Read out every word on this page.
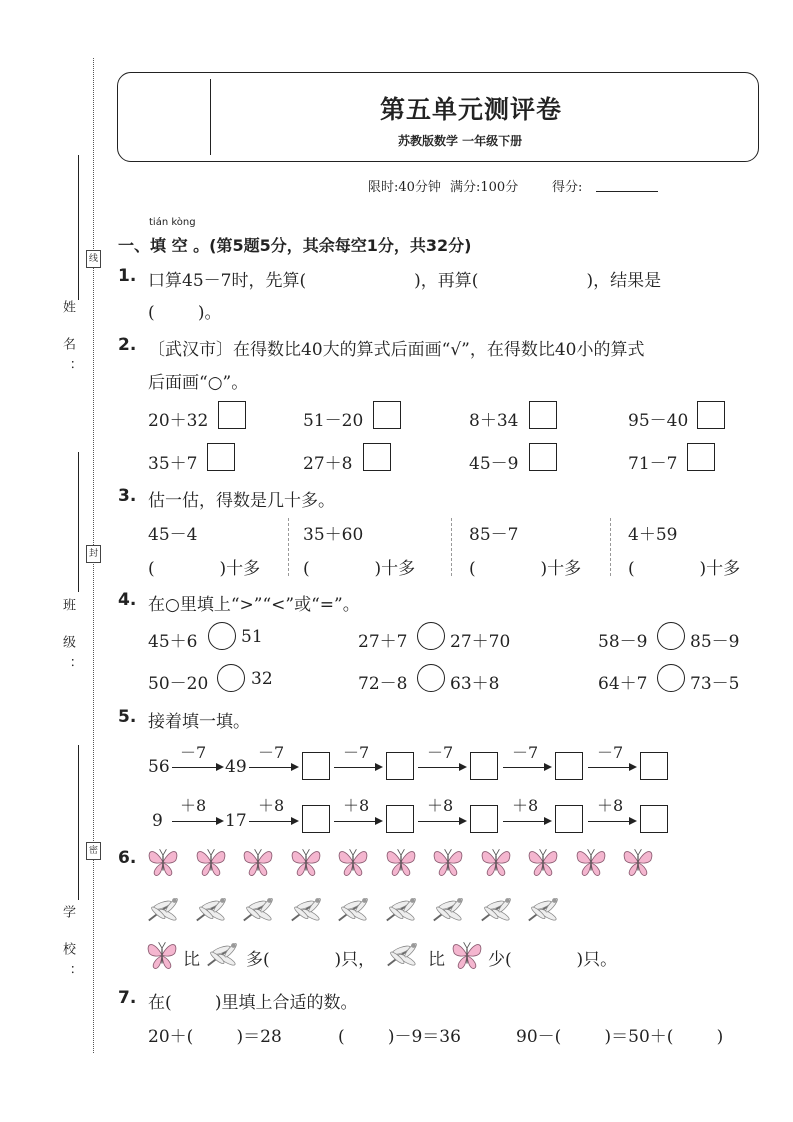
姓 名：
班 级：
学 校：
线
封
密
第五单元测评卷
苏教版数学 一年级下册
限时:40分钟 满分:100分	得分:
tián kòng
一、填 空 。(第5题5分，其余每空1分，共32分)
1. 口算45－7时，先算(                    )，再算(                    )，结果是
(        )。
2. 〔武汉市〕在得数比40大的算式后面画“√”，在得数比40小的算式
后面画“○”。
20＋32	51－20	8＋34	95－40
35＋7	27＋8	45－9	71－7
3. 估一估，得数是几十多。
45－4	35＋60	85－7	4＋59
(            )十多	(            )十多	(            )十多	(            )十多
4. 在○里填上“>”“<”或“=”。
45＋6	51	27＋7	27＋70	58－9	85－9
50－20	32	72－8	63＋8	64＋7	73－5
5. 接着填一填。
56
－7
49
－7	－7	－7	－7	－7
9
＋8
17
＋8	＋8	＋8	＋8	＋8
6.
比	多(            )只，	比	少(            )只。
7. 在(        )里填上合适的数。
20＋(        )＝28	(        )－9＝36	90－(        )＝50＋(        )
